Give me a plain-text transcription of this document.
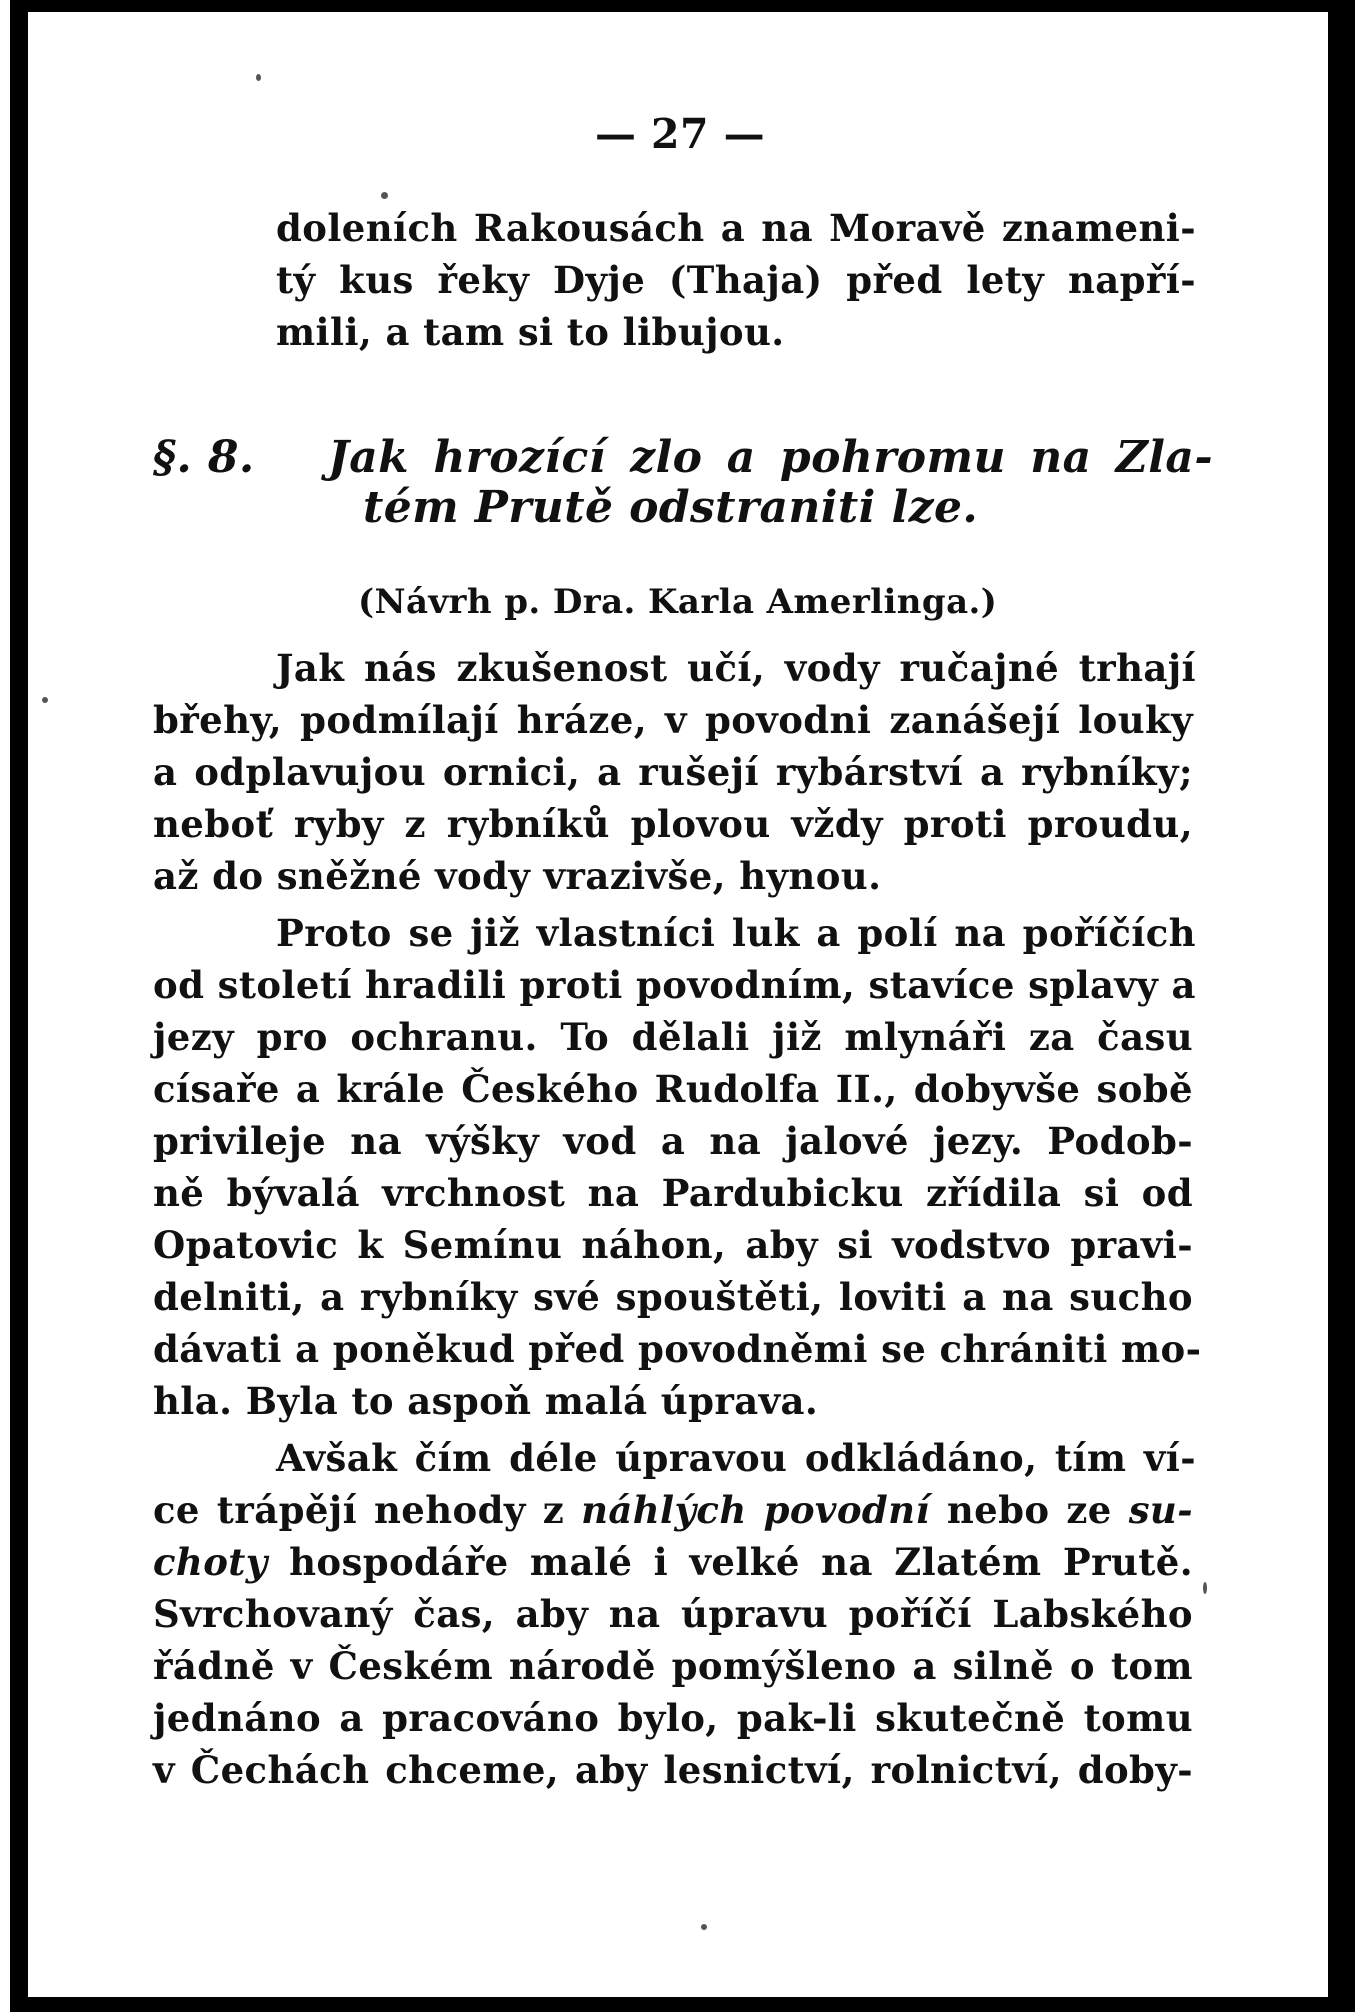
— 27 —
doleních Rakousách a na Moravě znameni-
tý kus řeky Dyje (Thaja) před lety napří-
mili, a tam si to libujou.
§. 8. Jak hrozící zlo a pohromu na Zla-
tém Prutě odstraniti lze.
(Návrh p. Dra. Karla Amerlinga.)
Jak nás zkušenost učí, vody ručajné trhají
břehy, podmílají hráze, v povodni zanášejí louky
a odplavujou ornici, a rušejí rybárství a rybníky;
neboť ryby z rybníků plovou vždy proti proudu,
až do sněžné vody vrazivše, hynou.
Proto se již vlastníci luk a polí na poříčích
od století hradili proti povodním, stavíce splavy a
jezy pro ochranu. To dělali již mlynáři za času
císaře a krále Českého Rudolfa II., dobyvše sobě
privileje na výšky vod a na jalové jezy. Podob-
ně bývalá vrchnost na Pardubicku zřídila si od
Opatovic k Semínu náhon, aby si vodstvo pravi-
delniti, a rybníky své spouštěti, loviti a na sucho
dávati a poněkud před povodněmi se chrániti mo-
hla. Byla to aspoň malá úprava.
Avšak čím déle úpravou odkládáno, tím ví-
ce trápějí nehody z náhlých povodní nebo ze su-
choty hospodáře malé i velké na Zlatém Prutě.
Svrchovaný čas, aby na úpravu poříčí Labského
řádně v Českém národě pomýšleno a silně o tom
jednáno a pracováno bylo, pak-li skutečně tomu
v Čechách chceme, aby lesnictví, rolnictví, doby-
